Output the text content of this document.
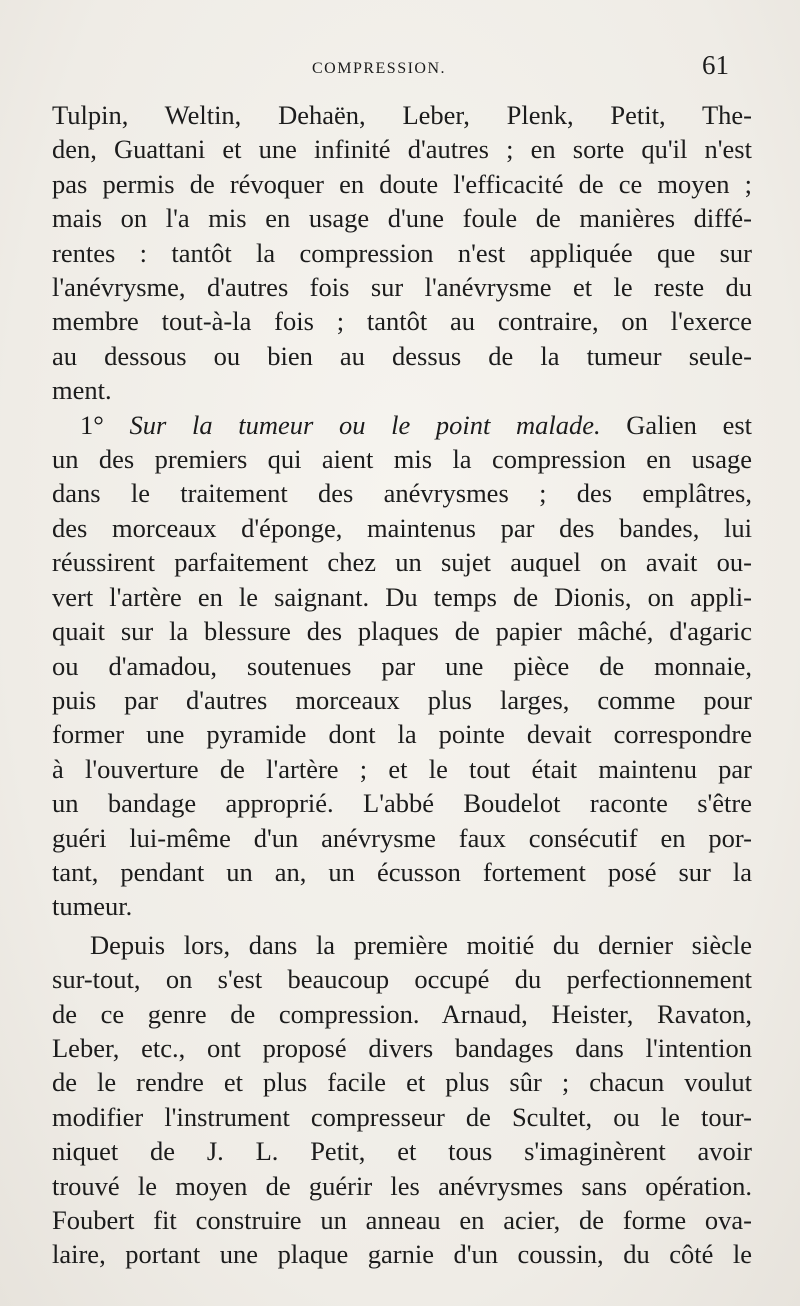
COMPRESSION.	61
Tulpin, Weltin, Dehaën, Leber, Plenk, Petit, The-
den, Guattani et une infinité d'autres ; en sorte qu'il n'est
pas permis de révoquer en doute l'efficacité de ce moyen ;
mais on l'a mis en usage d'une foule de manières diffé-
rentes : tantôt la compression n'est appliquée que sur
l'anévrysme, d'autres fois sur l'anévrysme et le reste du
membre tout-à-la fois ; tantôt au contraire, on l'exerce
au dessous ou bien au dessus de la tumeur seule-
ment.
1° Sur la tumeur ou le point malade. Galien est
un des premiers qui aient mis la compression en usage
dans le traitement des anévrysmes ; des emplâtres,
des morceaux d'éponge, maintenus par des bandes, lui
réussirent parfaitement chez un sujet auquel on avait ou-
vert l'artère en le saignant. Du temps de Dionis, on appli-
quait sur la blessure des plaques de papier mâché, d'agaric
ou d'amadou, soutenues par une pièce de monnaie,
puis par d'autres morceaux plus larges, comme pour
former une pyramide dont la pointe devait correspondre
à l'ouverture de l'artère ; et le tout était maintenu par
un bandage approprié. L'abbé Boudelot raconte s'être
guéri lui-même d'un anévrysme faux consécutif en por-
tant, pendant un an, un écusson fortement posé sur la
tumeur.
Depuis lors, dans la première moitié du dernier siècle
sur-tout, on s'est beaucoup occupé du perfectionnement
de ce genre de compression. Arnaud, Heister, Ravaton,
Leber, etc., ont proposé divers bandages dans l'intention
de le rendre et plus facile et plus sûr ; chacun voulut
modifier l'instrument compresseur de Scultet, ou le tour-
niquet de J. L. Petit, et tous s'imaginèrent avoir
trouvé le moyen de guérir les anévrysmes sans opération.
Foubert fit construire un anneau en acier, de forme ova-
laire, portant une plaque garnie d'un coussin, du côté le
